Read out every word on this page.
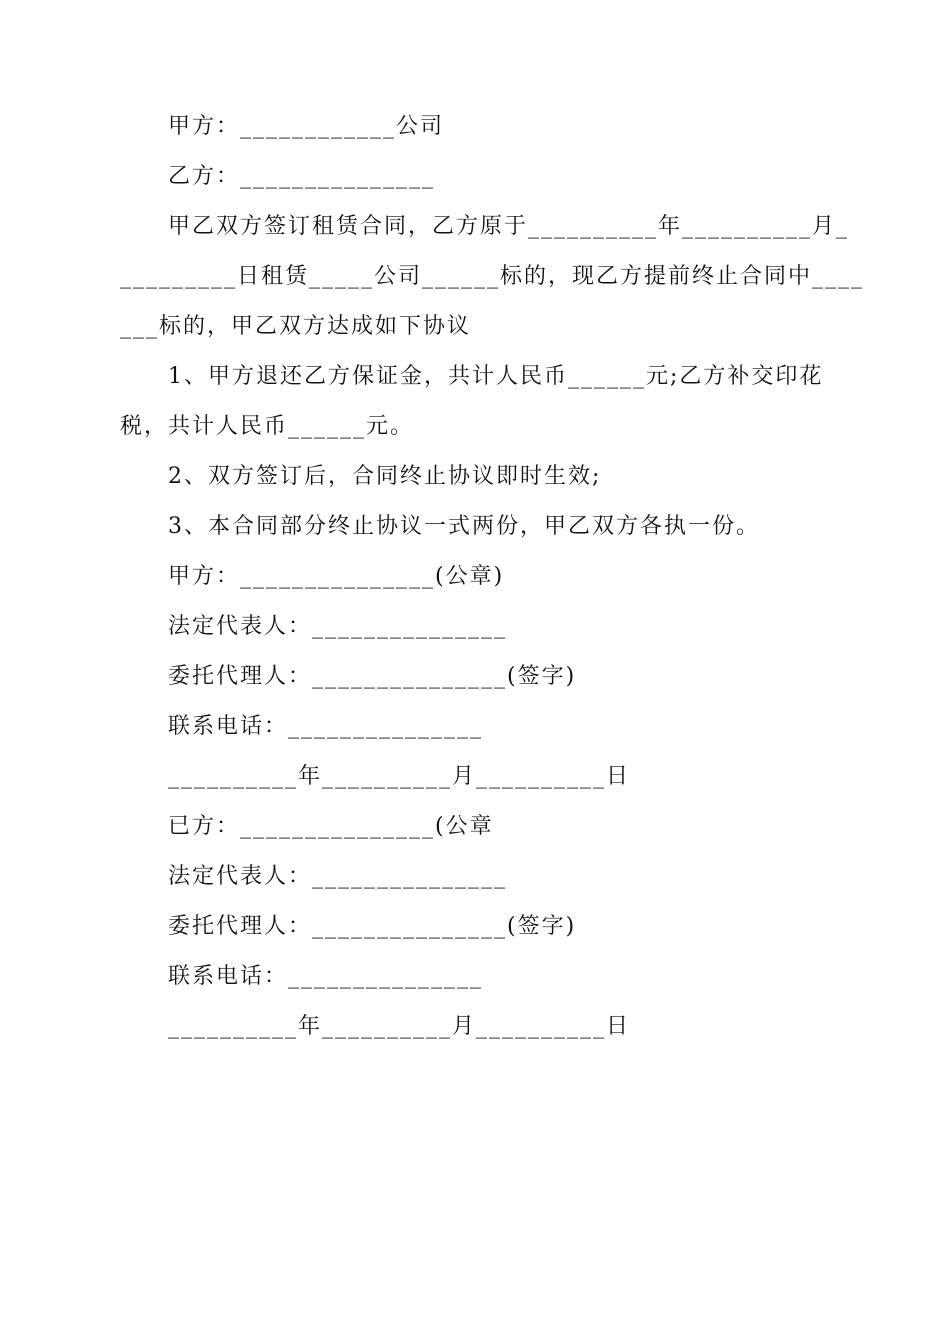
甲方：____________公司
乙方：_______________
甲乙双方签订租赁合同，乙方原于__________年__________月_
_________日租赁_____公司______标的，现乙方提前终止合同中____
___标的，甲乙双方达成如下协议
1、甲方退还乙方保证金，共计人民币______元;乙方补交印花
税，共计人民币______元。
2、双方签订后，合同终止协议即时生效;
3、本合同部分终止协议一式两份，甲乙双方各执一份。
甲方：_______________(公章)
法定代表人：_______________
委托代理人：_______________(签字)
联系电话：_______________
__________年__________月__________日
已方：_______________(公章
法定代表人：_______________
委托代理人：_______________(签字)
联系电话：_______________
__________年__________月__________日
